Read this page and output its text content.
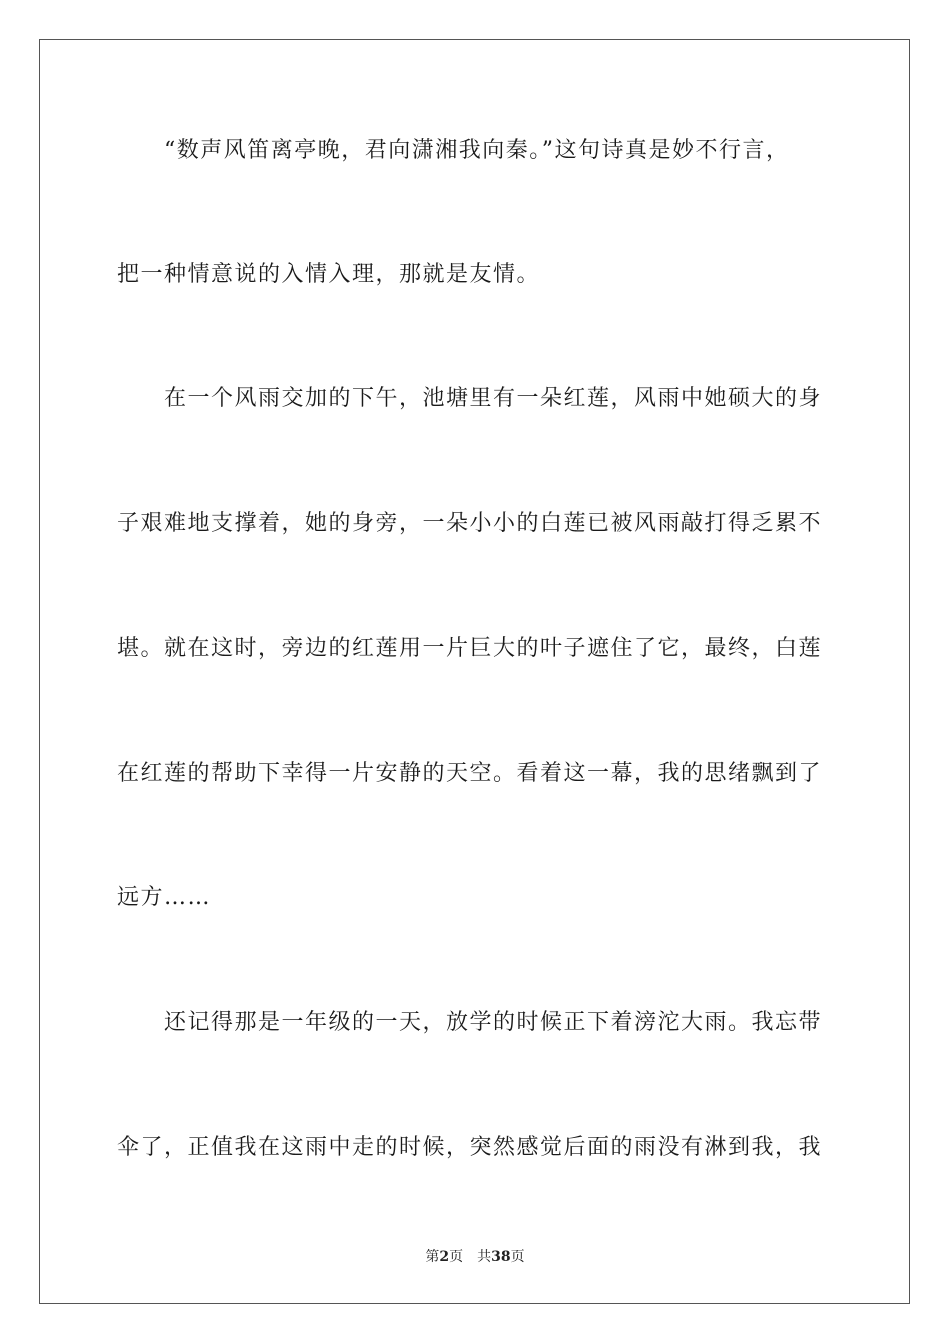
“数声风笛离亭晚，君向潇湘我向秦。”这句诗真是妙不行言，
把一种情意说的入情入理，那就是友情。
在一个风雨交加的下午，池塘里有一朵红莲，风雨中她硕大的身
子艰难地支撑着，她的身旁，一朵小小的白莲已被风雨敲打得乏累不
堪。就在这时，旁边的红莲用一片巨大的叶子遮住了它，最终，白莲
在红莲的帮助下幸得一片安静的天空。看着这一幕，我的思绪飘到了
远方……
还记得那是一年级的一天，放学的时候正下着滂沱大雨。我忘带
伞了，正值我在这雨中走的时候，突然感觉后面的雨没有淋到我，我
第2页 共38页
